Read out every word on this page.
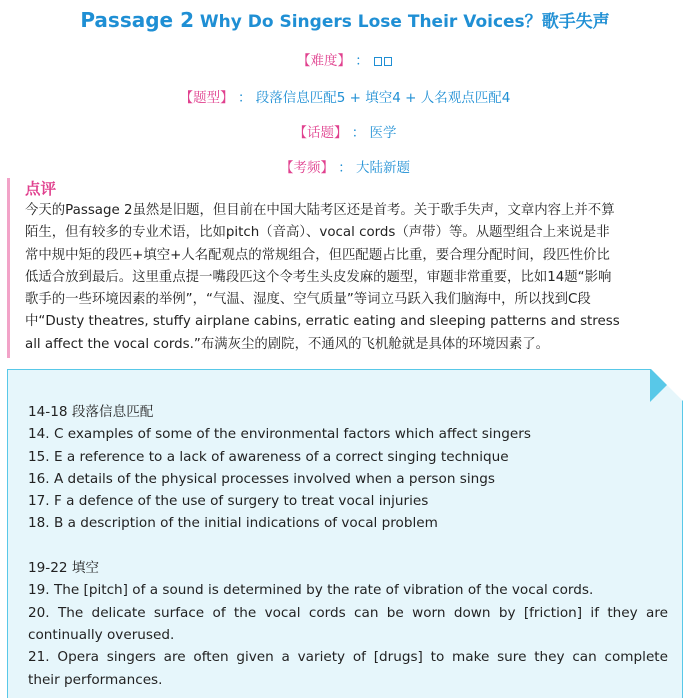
Passage 2 Why Do Singers Lose Their Voices？歌手失声
【难度】 ：
【题型】 ： 段落信息匹配5 + 填空4 + 人名观点匹配4
【话题】 ： 医学
【考频】 ： 大陆新题
点评
今天的Passage 2虽然是旧题，但目前在中国大陆考区还是首考。关于歌手失声，文章内容上并不算
陌生，但有较多的专业术语，比如pitch（音高）、vocal cords（声带）等。从题型组合上来说是非
常中规中矩的段匹+填空+人名配观点的常规组合，但匹配题占比重，要合理分配时间，段匹性价比
低适合放到最后。这里重点提一嘴段匹这个令考生头皮发麻的题型，审题非常重要，比如14题“影响
歌手的一些环境因素的举例”，“气温、湿度、空气质量”等词立马跃入我们脑海中，所以找到C段
中“Dusty theatres, stuffy airplane cabins, erratic eating and sleeping patterns and stress
all affect the vocal cords.”布满灰尘的剧院，不通风的飞机舱就是具体的环境因素了。
14-18 段落信息匹配
14. C examples of some of the environmental factors which affect singers
15. E a reference to a lack of awareness of a correct singing technique
16. A details of the physical processes involved when a person sings
17. F a defence of the use of surgery to treat vocal injuries
18. B a description of the initial indications of vocal problem
19-22 填空
19. The [pitch] of a sound is determined by the rate of vibration of the vocal cords.
20. The delicate surface of the vocal cords can be worn down by [friction] if they are
continually overused.
21. Opera singers are often given a variety of [drugs] to make sure they can complete
their performances.
